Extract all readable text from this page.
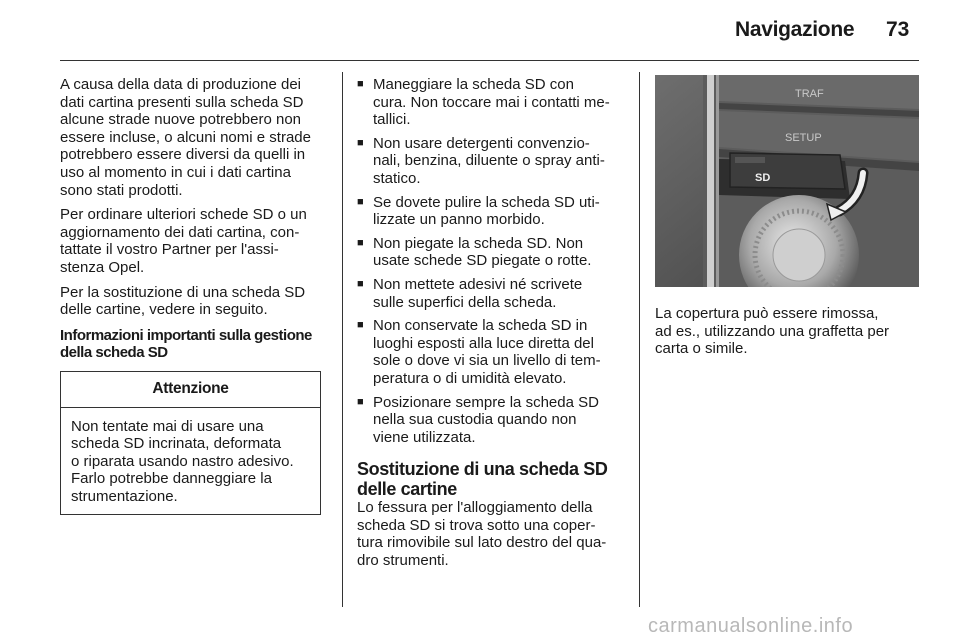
Navigazione 73

A causa della data di produzione dei
dati cartina presenti sulla scheda SD
alcune strade nuove potrebbero non
essere incluse, o alcuni nomi e strade
potrebbero essere diversi da quelli in
uso al momento in cui i dati cartina
sono stati prodotti.

Per ordinare ulteriori schede SD o un
aggiornamento dei dati cartina, con-
tattate il vostro Partner per l'assi-
stenza Opel.

Per la sostituzione di una scheda SD
delle cartine, vedere in seguito.

Informazioni importanti sulla gestione
della scheda SD
Attenzione
Non tentate mai di usare una
scheda SD incrinata, deformata
o riparata usando nastro adesivo.
Farlo potrebbe danneggiare la
strumentazione.
■ Maneggiare la scheda SD con
cura. Non toccare mai i contatti me-
tallici.
■ Non usare detergenti convenzio-
nali, benzina, diluente o spray anti-
statico.
■ Se dovete pulire la scheda SD uti-
lizzate un panno morbido.
■ Non piegate la scheda SD. Non
usate schede SD piegate o rotte.
■ Non mettete adesivi né scrivete
sulle superfici della scheda.
■ Non conservate la scheda SD in
luoghi esposti alla luce diretta del
sole o dove vi sia un livello di tem-
peratura o di umidità elevato.
■ Posizionare sempre la scheda SD
nella sua custodia quando non
viene utilizzata.
Sostituzione di una scheda SD
delle cartine
Lo fessura per l'alloggiamento della
scheda SD si trova sotto una coper-
tura rimovibile sul lato destro del qua-
dro strumenti.
TRAF
SETUP
SD
La copertura può essere rimossa,
ad es., utilizzando una graffetta per
carta o simile.
carmanualsonline.info
